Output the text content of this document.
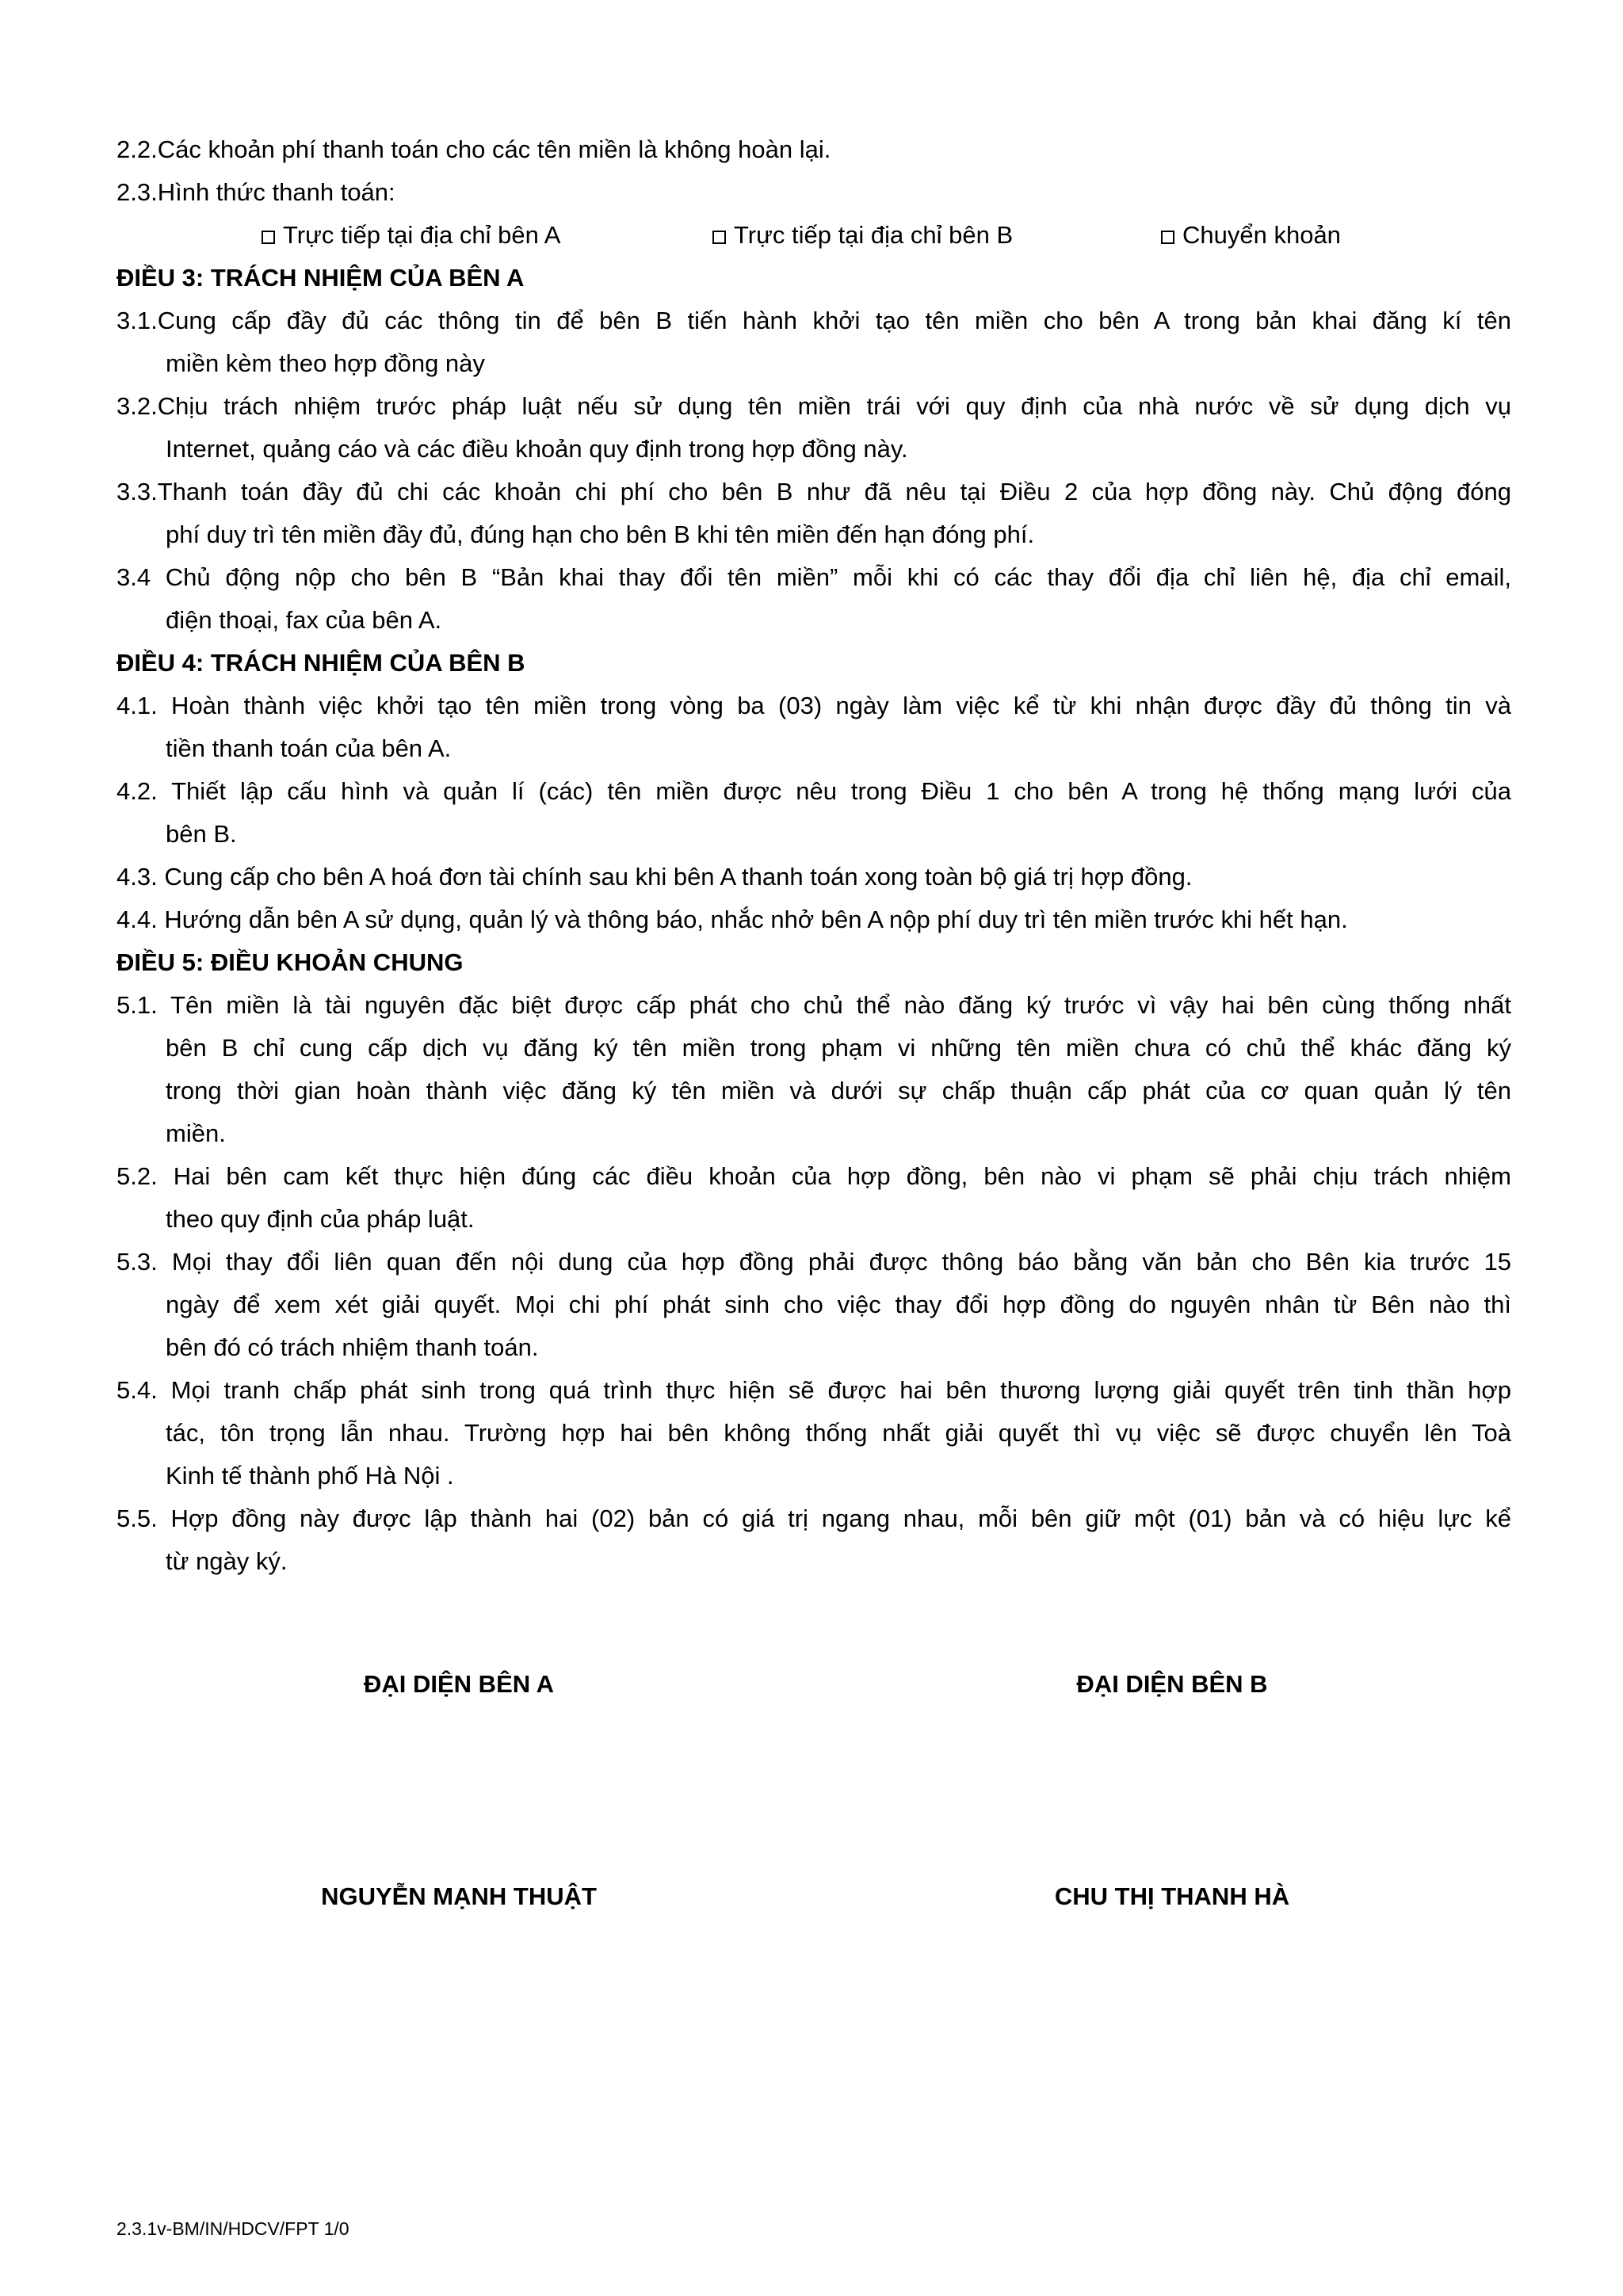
2.2.Các khoản phí thanh toán cho các tên miền là không hoàn lại.
2.3.Hình thức thanh toán:
Trực tiếp tại địa chỉ bên A	Trực tiếp tại địa chỉ bên B	Chuyển khoản
ĐIỀU 3: TRÁCH NHIỆM CỦA BÊN A
3.1.Cung cấp đầy đủ các thông tin để bên B tiến hành khởi tạo tên miền cho bên A trong bản khai đăng kí tên
miền kèm theo hợp đồng này
3.2.Chịu trách nhiệm trước pháp luật nếu sử dụng tên miền trái với quy định của nhà nước về sử dụng dịch vụ
Internet, quảng cáo và các điều khoản quy định trong hợp đồng này.
3.3.Thanh toán đầy đủ chi các khoản chi phí cho bên B như đã nêu tại Điều 2 của hợp đồng này. Chủ động đóng
phí duy trì tên miền đầy đủ, đúng hạn cho bên B khi tên miền đến hạn đóng phí.
3.4 Chủ động nộp cho bên B “Bản khai thay đổi tên miền” mỗi khi có các thay đổi địa chỉ liên hệ, địa chỉ email,
điện thoại, fax của bên A.
ĐIỀU 4: TRÁCH NHIỆM CỦA BÊN B
4.1. Hoàn thành việc khởi tạo tên miền trong vòng ba (03) ngày làm việc kể từ khi nhận được đầy đủ thông tin và
tiền thanh toán của bên A.
4.2. Thiết lập cấu hình và quản lí (các) tên miền được nêu trong Điều 1 cho bên A trong hệ thống mạng lưới của
bên B.
4.3. Cung cấp cho bên A hoá đơn tài chính sau khi bên A thanh toán xong toàn bộ giá trị hợp đồng.
4.4. Hướng dẫn bên A sử dụng, quản lý và thông báo, nhắc nhở bên A nộp phí duy trì tên miền trước khi hết hạn.
ĐIỀU 5: ĐIỀU KHOẢN CHUNG
5.1. Tên miền là tài nguyên đặc biệt được cấp phát cho chủ thể nào đăng ký trước vì vậy hai bên cùng thống nhất
bên B chỉ cung cấp dịch vụ đăng ký tên miền trong phạm vi những tên miền chưa có chủ thể khác đăng ký
trong thời gian hoàn thành việc đăng ký tên miền và dưới sự chấp thuận cấp phát của cơ quan quản lý tên
miền.
5.2. Hai bên cam kết thực hiện đúng các điều khoản của hợp đồng, bên nào vi phạm sẽ phải chịu trách nhiệm
theo quy định của pháp luật.
5.3. Mọi thay đổi liên quan đến nội dung của hợp đồng phải được thông báo bằng văn bản cho Bên kia trước 15
ngày để xem xét giải quyết. Mọi chi phí phát sinh cho việc thay đổi hợp đồng do nguyên nhân từ Bên nào thì
bên đó có trách nhiệm thanh toán.
5.4. Mọi tranh chấp phát sinh trong quá trình thực hiện sẽ được hai bên thương lượng giải quyết trên tinh thần hợp
tác, tôn trọng lẫn nhau. Trường hợp hai bên không thống nhất giải quyết thì vụ việc sẽ được chuyển lên Toà
Kinh tế thành phố Hà Nội .
5.5. Hợp đồng này được lập thành hai (02) bản có giá trị ngang nhau, mỗi bên giữ một (01) bản và có hiệu lực kể
từ ngày ký.
ĐẠI DIỆN BÊN A	ĐẠI DIỆN BÊN B
NGUYỄN MẠNH THUẬT	CHU THỊ THANH HÀ
2.3.1v-BM/IN/HDCV/FPT 1/0
